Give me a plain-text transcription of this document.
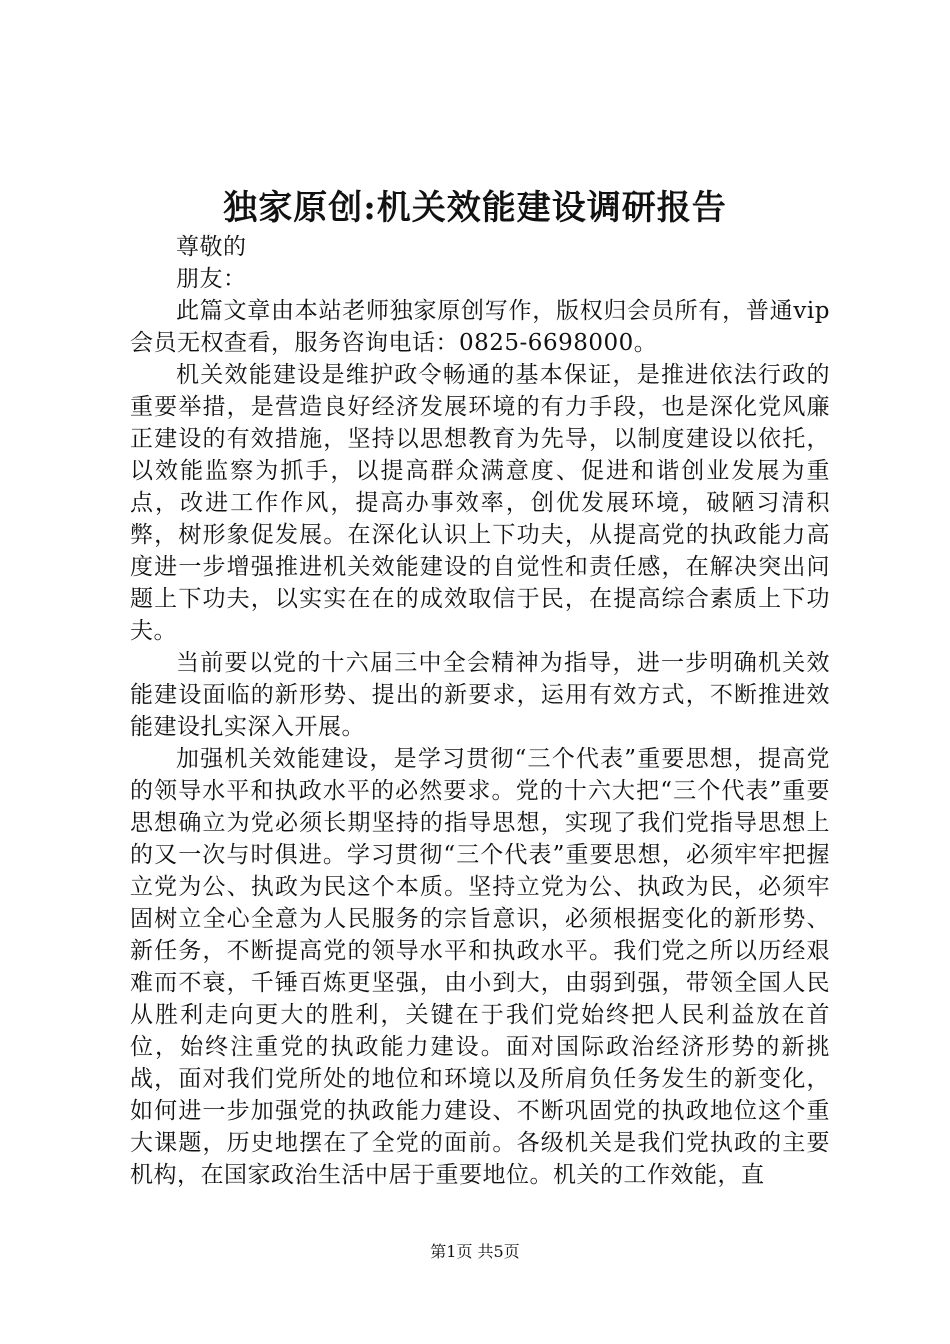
独家原创:机关效能建设调研报告

尊敬的

朋友：

此篇文章由本站老师独家原创写作，版权归会员所有，普通vip会员无权查看，服务咨询电话：0825-6698000。

机关效能建设是维护政令畅通的基本保证，是推进依法行政的重要举措，是营造良好经济发展环境的有力手段，也是深化党风廉正建设的有效措施，坚持以思想教育为先导，以制度建设以依托，以效能监察为抓手，以提高群众满意度、促进和谐创业发展为重点，改进工作作风，提高办事效率，创优发展环境，破陋习清积弊，树形象促发展。在深化认识上下功夫，从提高党的执政能力高度进一步增强推进机关效能建设的自觉性和责任感，在解决突出问题上下功夫，以实实在在的成效取信于民，在提高综合素质上下功夫。

当前要以党的十六届三中全会精神为指导，进一步明确机关效能建设面临的新形势、提出的新要求，运用有效方式，不断推进效能建设扎实深入开展。

加强机关效能建设，是学习贯彻“三个代表”重要思想，提高党的领导水平和执政水平的必然要求。党的十六大把“三个代表”重要思想确立为党必须长期坚持的指导思想，实现了我们党指导思想上的又一次与时俱进。学习贯彻“三个代表”重要思想，必须牢牢把握立党为公、执政为民这个本质。坚持立党为公、执政为民，必须牢固树立全心全意为人民服务的宗旨意识，必须根据变化的新形势、新任务，不断提高党的领导水平和执政水平。我们党之所以历经艰难而不衰，千锤百炼更坚强，由小到大，由弱到强，带领全国人民从胜利走向更大的胜利，关键在于我们党始终把人民利益放在首位，始终注重党的执政能力建设。面对国际政治经济形势的新挑战，面对我们党所处的地位和环境以及所肩负任务发生的新变化，如何进一步加强党的执政能力建设、不断巩固党的执政地位这个重大课题，历史地摆在了全党的面前。各级机关是我们党执政的主要机构，在国家政治生活中居于重要地位。机关的工作效能，直

第1页 共5页
